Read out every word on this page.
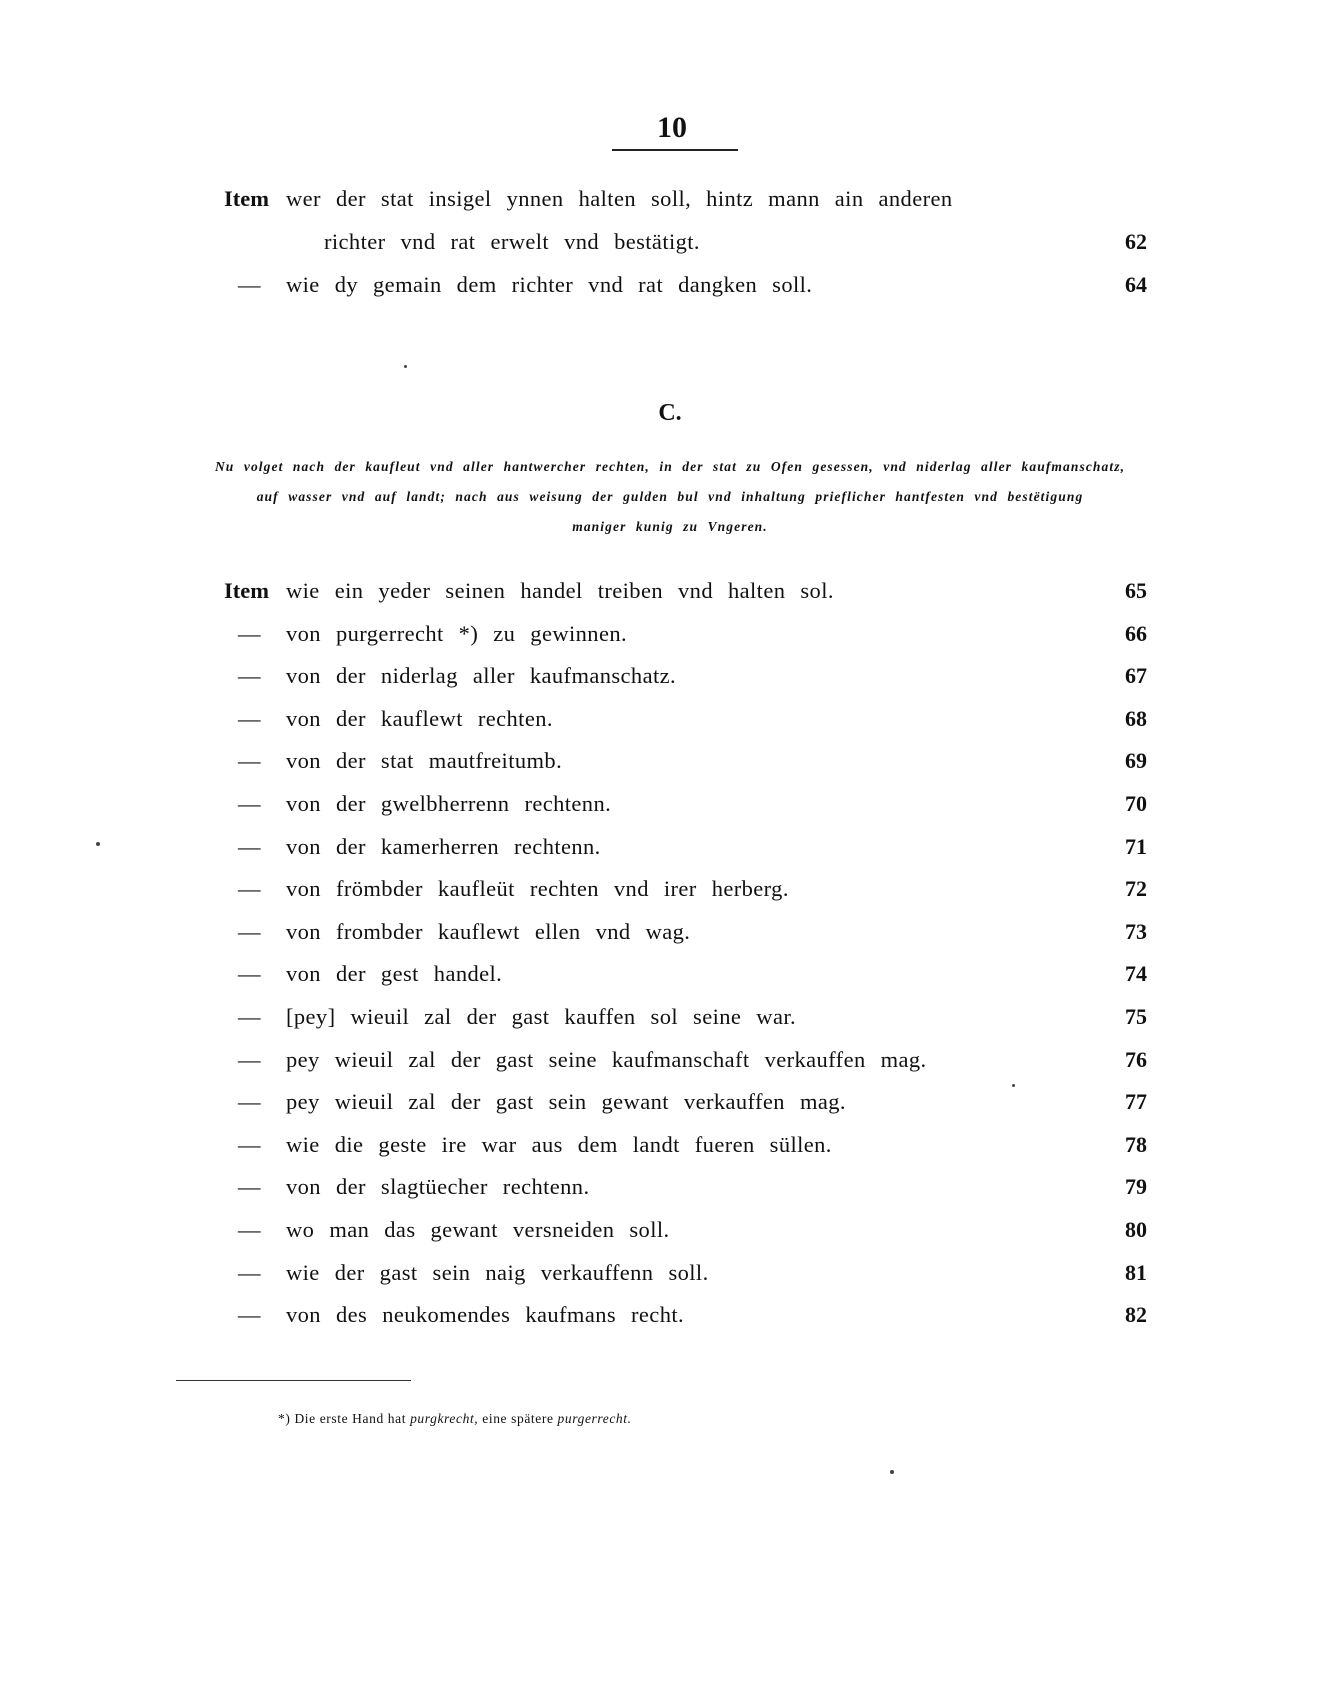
10
Item wer der stat insigel ynnen halten soll, hintz mann ain anderen
richter vnd rat erwelt vnd bestätigt.	62
— wie dy gemain dem richter vnd rat dangken soll.	64
C.

Nu volget nach der kaufleut vnd aller hantwercher rechten, in der stat zu Ofen gesessen, vnd niderlag aller kaufmanschatz,

auf wasser vnd auf landt; nach aus weisung der gulden bul vnd inhaltung priefl​icher hantfesten vnd bestëtigung

maniger kunig zu Vngeren.

Item wie ein yeder seinen handel treiben vnd halten sol.	65
— von purgerrecht *) zu gewinnen.	66
— von der niderlag aller kaufmanschatz.	67
— von der kauflewt rechten.	68
— von der stat mautfreitumb.	69
— von der gwelbherrenn rechtenn.	70
— von der kamerherren rechtenn.	71
— von frömbder kaufleüt rechten vnd irer herberg.	72
— von frombder kauflewt ellen vnd wag.	73
— von der gest handel.	74
— [pey] wieuil zal der gast kauffen sol seine war.	75
— pey wieuil zal der gast seine kaufmanschaft verkauffen mag.	76
— pey wieuil zal der gast sein gewant verkauffen mag.	77
— wie die geste ire war aus dem landt fueren süllen.	78
— von der slagtüecher rechtenn.	79
— wo man das gewant versneiden soll.	80
— wie der gast sein naig verkauffenn soll.	81
— von des neukomendes kaufmans recht.	82
*) Die erste Hand hat purgkrecht, eine spätere purgerrecht.
